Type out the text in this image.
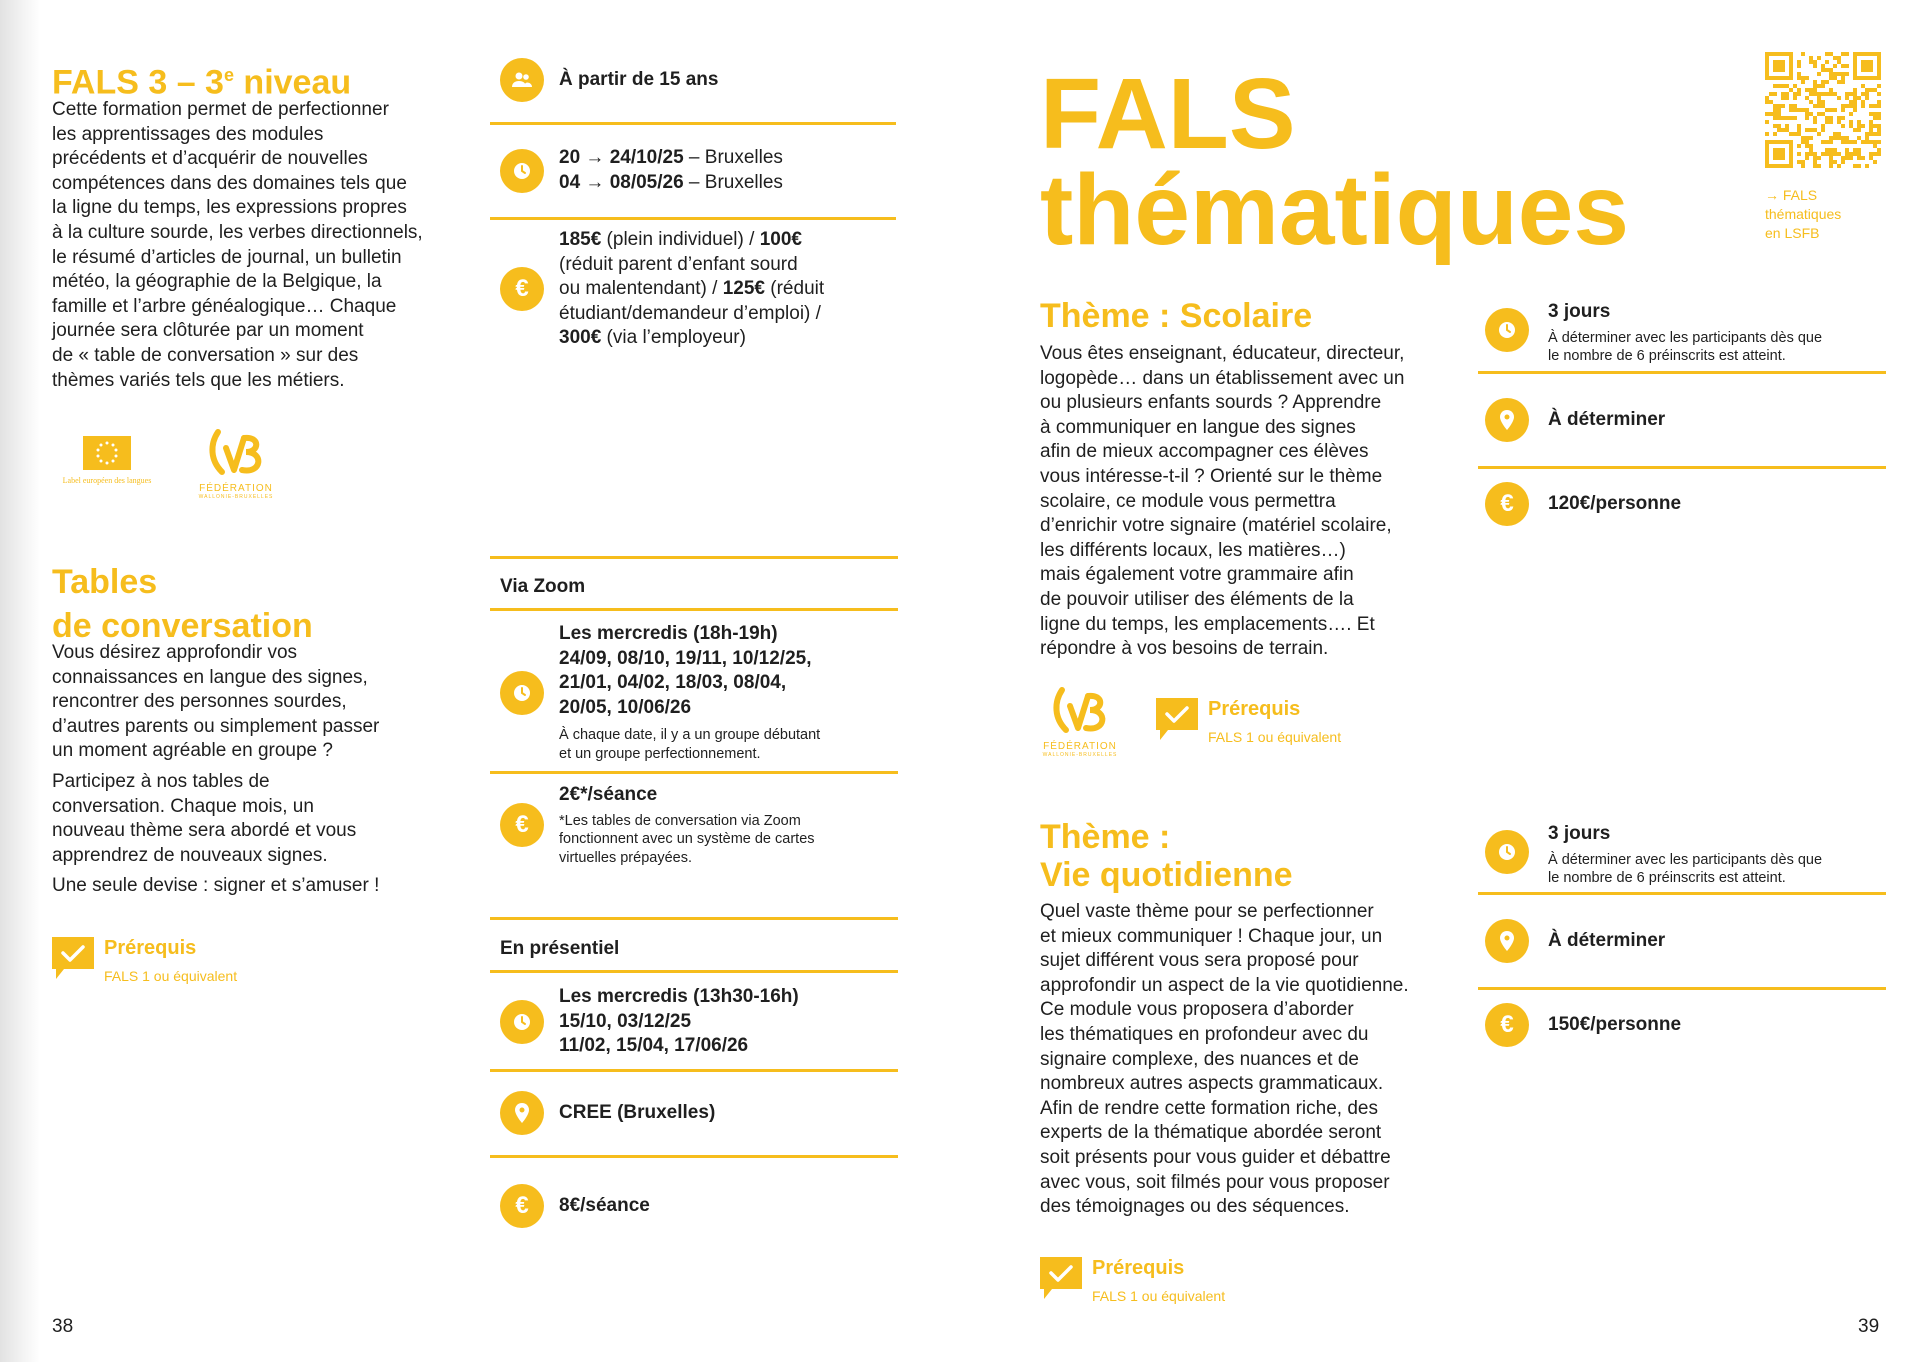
FALS 3 – 3e niveau
Cette formation permet de perfectionner
les apprentissages des modules
précédents et d’acquérir de nouvelles
compétences dans des domaines tels que
la ligne du temps, les expressions propres
à la culture sourde, les verbes directionnels,
le résumé d’articles de journal, un bulletin
météo, la géographie de la Belgique, la
famille et l’arbre généalogique… Chaque
journée sera clôturée par un moment
de « table de conversation » sur des
thèmes variés tels que les métiers.
Label européen des langues
FÉDÉRATION
WALLONIE-BRUXELLES
À partir de 15 ans
20 → 24/10/25 – Bruxelles
04 → 08/05/26 – Bruxelles
€
185€ (plein individuel) / 100€
(réduit parent d’enfant sourd
ou malentendant) / 125€ (réduit
étudiant/demandeur d’emploi) /
300€ (via l’employeur)
Tables
de conversation
Vous désirez approfondir vos
connaissances en langue des signes,
rencontrer des personnes sourdes,
d’autres parents ou simplement passer
un moment agréable en groupe ?
Participez à nos tables de
conversation. Chaque mois, un
nouveau thème sera abordé et vous
apprendrez de nouveaux signes.
Une seule devise : signer et s’amuser !
Prérequis
FALS 1 ou équivalent
Via Zoom
Les mercredis (18h-19h)
24/09, 08/10, 19/11, 10/12/25,
21/01, 04/02, 18/03, 08/04,
20/05, 10/06/26
À chaque date, il y a un groupe débutant
et un groupe perfectionnement.
€
2€*/séance
*Les tables de conversation via Zoom
fonctionnent avec un système de cartes
virtuelles prépayées.
En présentiel
Les mercredis (13h30-16h)
15/10, 03/12/25
11/02, 15/04, 17/06/26
CREE (Bruxelles)
€	8€/séance
38
FALS
thématiques	→ FALS
thématiques
en LSFB
Thème : Scolaire
Vous êtes enseignant, éducateur, directeur,
logopède… dans un établissement avec un
ou plusieurs enfants sourds ? Apprendre
à communiquer en langue des signes
afin de mieux accompagner ces élèves
vous intéresse-t-il ? Orienté sur le thème
scolaire, ce module vous permettra
d’enrichir votre signaire (matériel scolaire,
les différents locaux, les matières…)
mais également votre grammaire afin
de pouvoir utiliser des éléments de la
ligne du temps, les emplacements…. Et
répondre à vos besoins de terrain.
3 jours
À déterminer avec les participants dès que
le nombre de 6 préinscrits est atteint.
À déterminer
€	120€/personne
FÉDÉRATION
WALLONIE-BRUXELLES
Prérequis
FALS 1 ou équivalent
Thème :
Vie quotidienne
Quel vaste thème pour se perfectionner
et mieux communiquer ! Chaque jour, un
sujet différent vous sera proposé pour
approfondir un aspect de la vie quotidienne.
Ce module vous proposera d’aborder
les thématiques en profondeur avec du
signaire complexe, des nuances et de
nombreux autres aspects grammaticaux.
Afin de rendre cette formation riche, des
experts de la thématique abordée seront
soit présents pour vous guider et débattre
avec vous, soit filmés pour vous proposer
des témoignages ou des séquences.
3 jours
À déterminer avec les participants dès que
le nombre de 6 préinscrits est atteint.
À déterminer
€	150€/personne
Prérequis
FALS 1 ou équivalent
39
